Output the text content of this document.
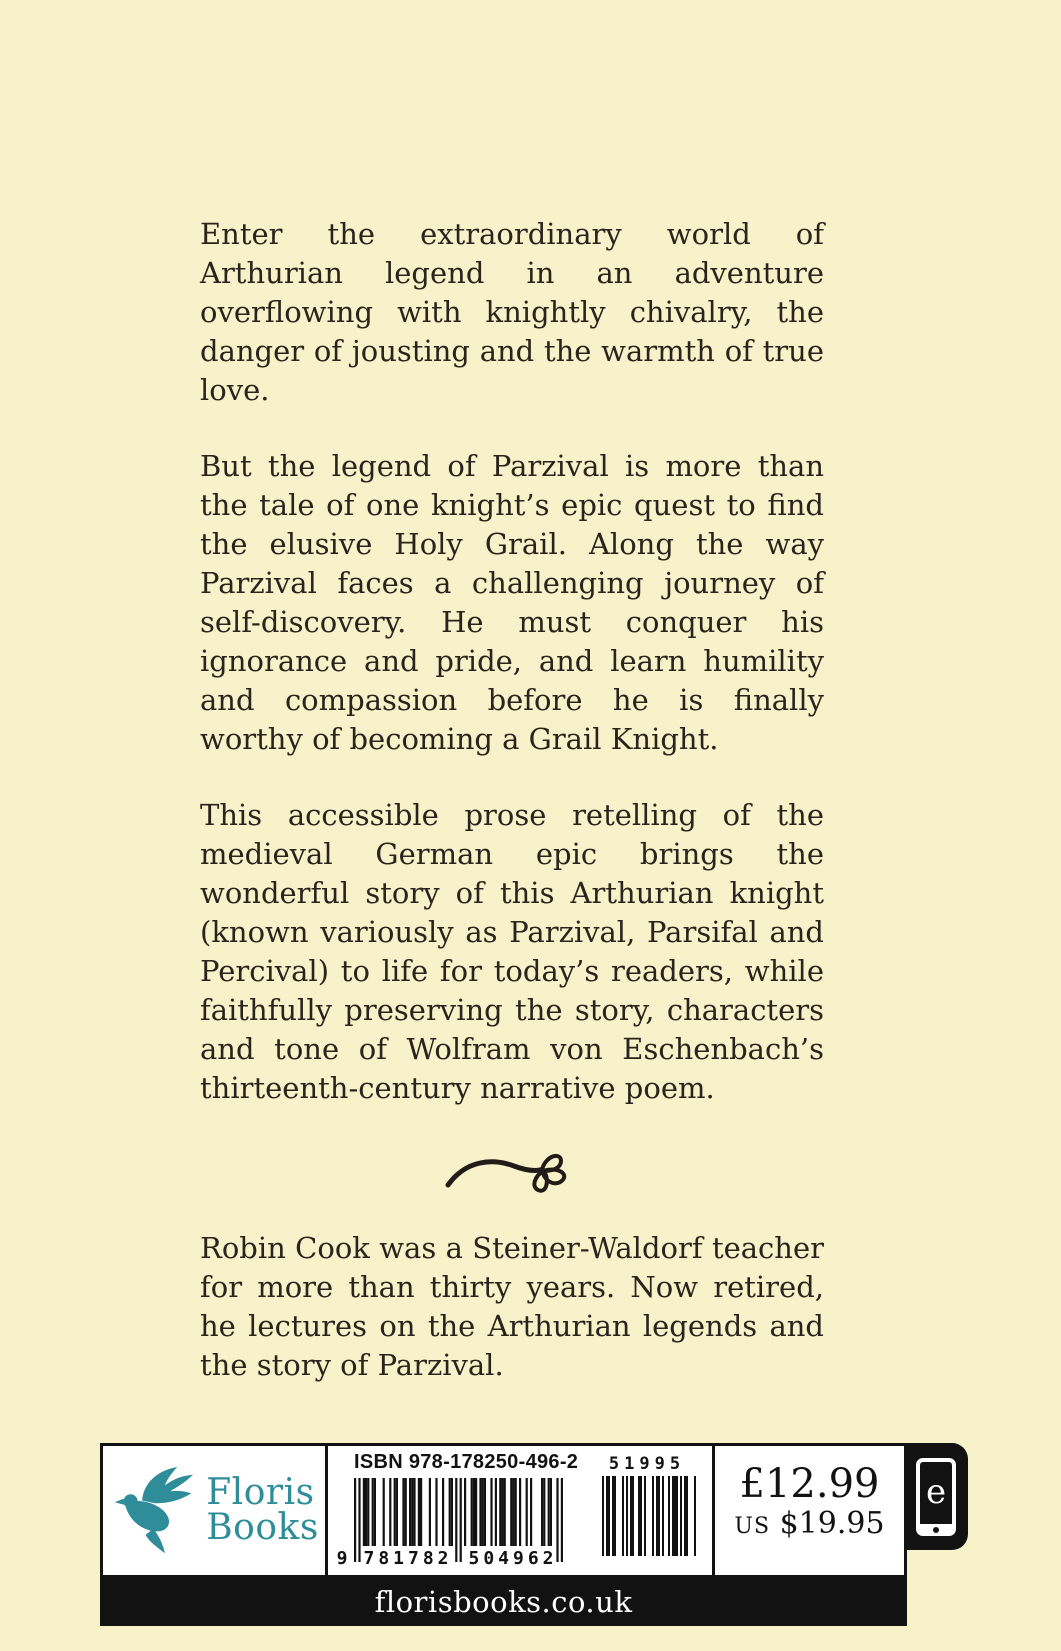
Enter the extraordinary world of Arthurian legend in an adventure overflowing with knightly chivalry, the danger of jousting and the warmth of true love.

But the legend of Parzival is more than the tale of one knight’s epic quest to find the elusive Holy Grail. Along the way Parzival faces a challenging journey of self-discovery. He must conquer his ignorance and pride, and learn humility and compassion before he is finally worthy of becoming a Grail Knight.

This accessible prose retelling of the medieval German epic brings the wonderful story of this Arthurian knight (known variously as Parzival, Parsifal and Percival) to life for today’s readers, while faithfully preserving the story, characters and tone of Wolfram von Eschenbach’s thirteenth-century narrative poem.

Robin Cook was a Steiner-Waldorf teacher for more than thirty years. Now retired, he lectures on the Arthurian legends and the story of Parzival.

e
Floris
Books
ISBN 978-178250-496-2
9 781782 504962
51995 £12.99
US $19.95
florisbooks.co.uk
